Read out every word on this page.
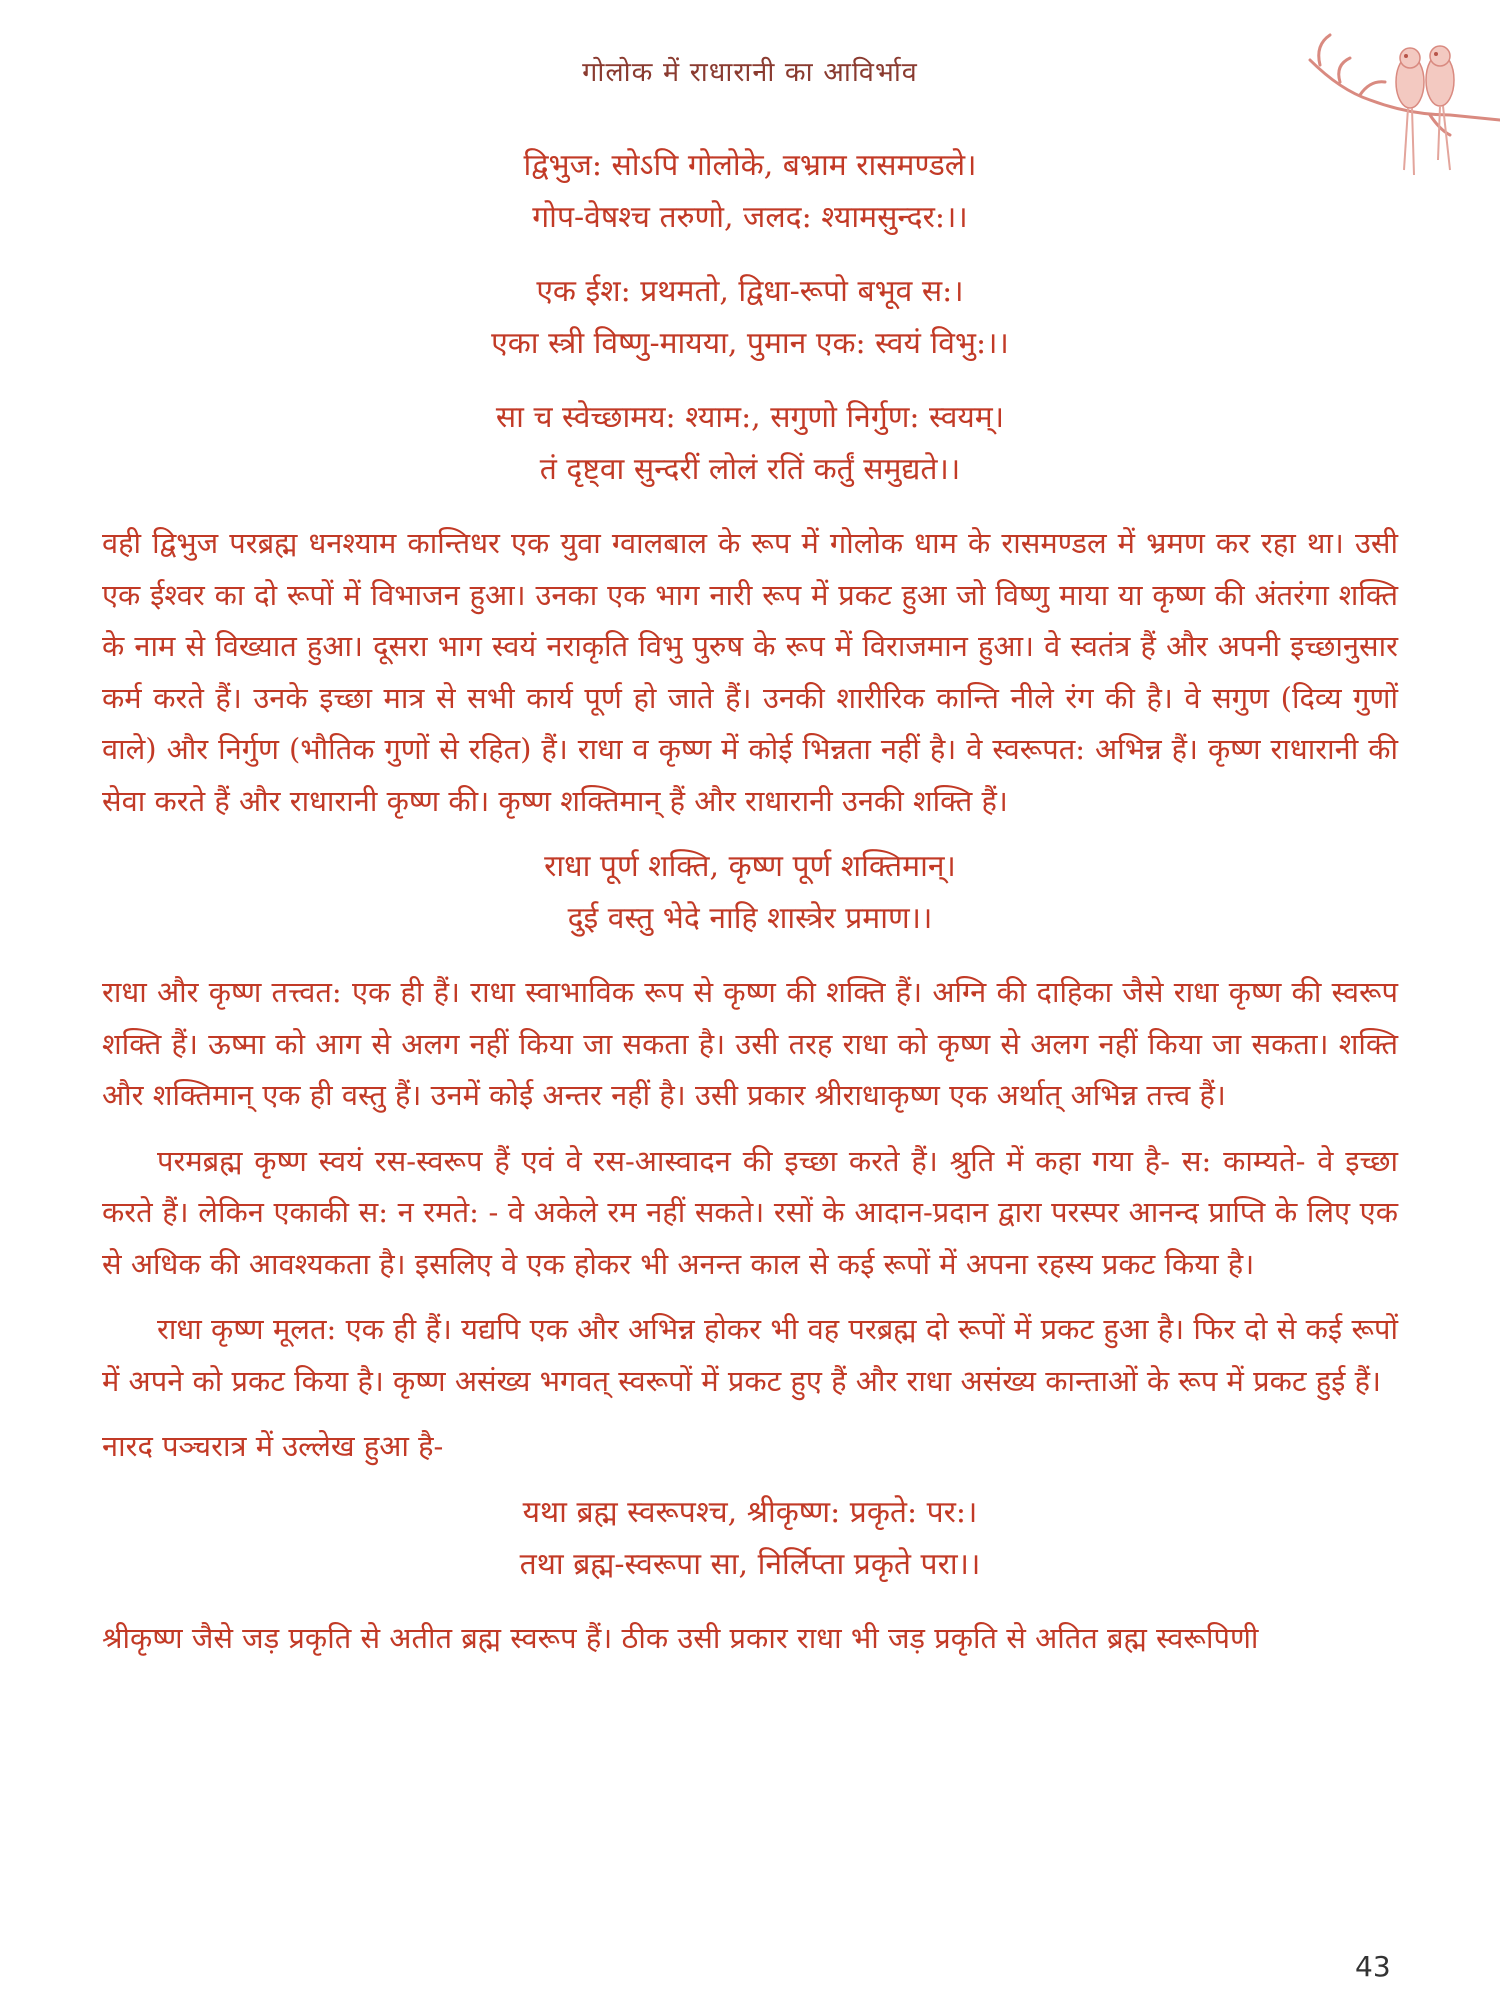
गोलोक में राधारानी का आविर्भाव
द्विभुज: सोऽपि गोलोके, बभ्राम रासमण्डले।
गोप-वेषश्च तरुणो, जलद: श्यामसुन्दर:।।
एक ईश: प्रथमतो, द्विधा-रूपो बभूव स:।
एका स्त्री विष्णु-मायया, पुमान एक: स्वयं विभु:।।
सा च स्वेच्छामय: श्याम:, सगुणो निर्गुण: स्वयम्।
तं दृष्ट्वा सुन्दरीं लोलं रतिं कर्तुं समुद्यते।।

वही द्विभुज परब्रह्म धनश्याम कान्तिधर एक युवा ग्वालबाल के रूप में गोलोक धाम के रासमण्डल में भ्रमण कर रहा था। उसी एक ईश्वर का दो रूपों में विभाजन हुआ। उनका एक भाग नारी रूप में प्रकट हुआ जो विष्णु माया या कृष्ण की अंतरंगा शक्ति के नाम से विख्यात हुआ। दूसरा भाग स्वयं नराकृति विभु पुरुष के रूप में विराजमान हुआ। वे स्वतंत्र हैं और अपनी इच्छानुसार कर्म करते हैं। उनके इच्छा मात्र से सभी कार्य पूर्ण हो जाते हैं। उनकी शारीरिक कान्ति नीले रंग की है। वे सगुण (दिव्य गुणों वाले) और निर्गुण (भौतिक गुणों से रहित) हैं। राधा व कृष्ण में कोई भिन्नता नहीं है। वे स्वरूपत: अभिन्न हैं। कृष्ण राधारानी की सेवा करते हैं और राधारानी कृष्ण की। कृष्ण शक्तिमान् हैं और राधारानी उनकी शक्ति हैं।

राधा पूर्ण शक्ति, कृष्ण पूर्ण शक्तिमान्।
दुई वस्तु भेदे नाहि शास्त्रेर प्रमाण।।

राधा और कृष्ण तत्त्वत: एक ही हैं। राधा स्वाभाविक रूप से कृष्ण की शक्ति हैं। अग्नि की दाहिका जैसे राधा कृष्ण की स्वरूप शक्ति हैं। ऊष्मा को आग से अलग नहीं किया जा सकता है। उसी तरह राधा को कृष्ण से अलग नहीं किया जा सकता। शक्ति और शक्तिमान् एक ही वस्तु हैं। उनमें कोई अन्तर नहीं है। उसी प्रकार श्रीराधाकृष्ण एक अर्थात् अभिन्न तत्त्व हैं।

परमब्रह्म कृष्ण स्वयं रस-स्वरूप हैं एवं वे रस-आस्वादन की इच्छा करते हैं। श्रुति में कहा गया है- स: काम्यते- वे इच्छा करते हैं। लेकिन एकाकी स: न रमते: - वे अकेले रम नहीं सकते। रसों के आदान-प्रदान द्वारा परस्पर आनन्द प्राप्ति के लिए एक से अधिक की आवश्यकता है। इसलिए वे एक होकर भी अनन्त काल से कई रूपों में अपना रहस्य प्रकट किया है।

राधा कृष्ण मूलत: एक ही हैं। यद्यपि एक और अभिन्न होकर भी वह परब्रह्म दो रूपों में प्रकट हुआ है। फिर दो से कई रूपों में अपने को प्रकट किया है। कृष्ण असंख्य भगवत् स्वरूपों में प्रकट हुए हैं और राधा असंख्य कान्ताओं के रूप में प्रकट हुई हैं।

नारद पञ्चरात्र में उल्लेख हुआ है-

यथा ब्रह्म स्वरूपश्च, श्रीकृष्ण: प्रकृते: पर:।
तथा ब्रह्म-स्वरूपा सा, निर्लिप्ता प्रकृते परा।।

श्रीकृष्ण जैसे जड़ प्रकृति से अतीत ब्रह्म स्वरूप हैं। ठीक उसी प्रकार राधा भी जड़ प्रकृति से अतित ब्रह्म स्वरूपिणी

43
